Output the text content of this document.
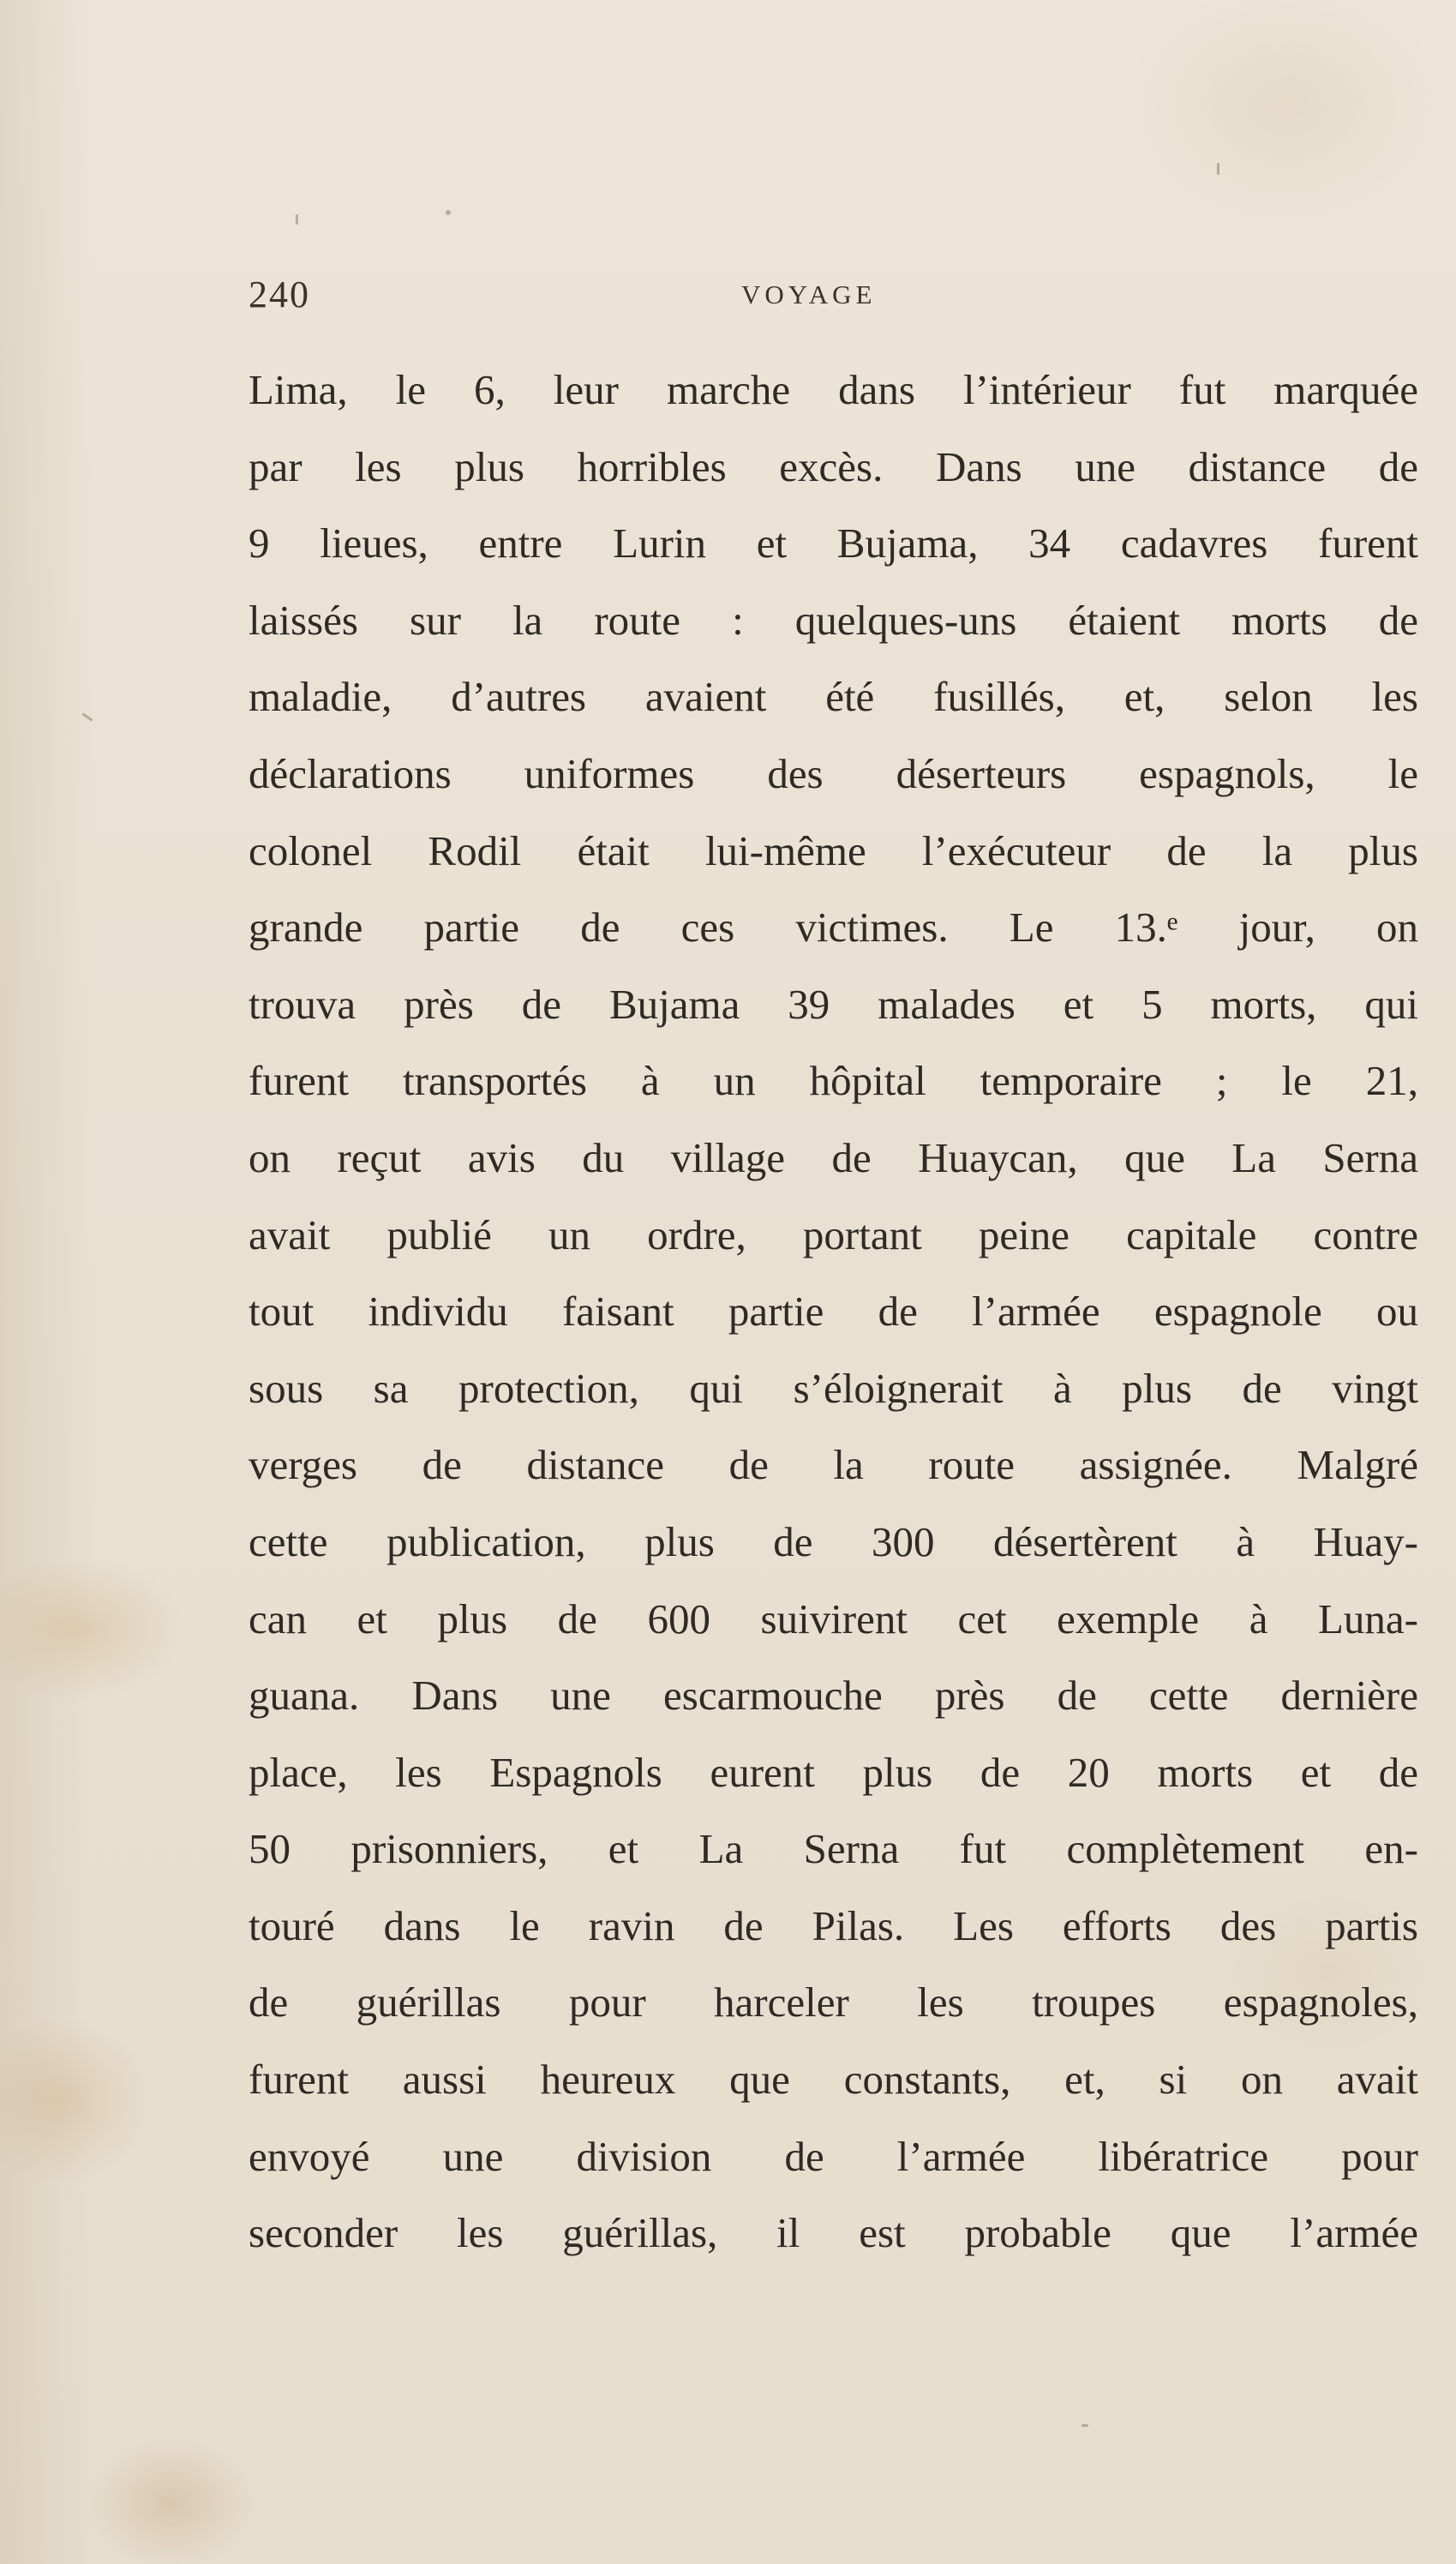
240	VOYAGE
Lima, le 6, leur marche dans l’intérieur fut marquée
par les plus horribles excès. Dans une distance de
9 lieues, entre Lurin et Bujama, 34 cadavres furent
laissés sur la route : quelques-uns étaient morts de
maladie, d’autres avaient été fusillés, et, selon les
déclarations uniformes des déserteurs espagnols, le
colonel Rodil était lui-même l’exécuteur de la plus
grande partie de ces victimes. Le 13.ᵉ jour, on
trouva près de Bujama 39 malades et 5 morts, qui
furent transportés à un hôpital temporaire ; le 21,
on reçut avis du village de Huaycan, que La Serna
avait publié un ordre, portant peine capitale contre
tout individu faisant partie de l’armée espagnole ou
sous sa protection, qui s’éloignerait à plus de vingt
verges de distance de la route assignée. Malgré
cette publication, plus de 300 désertèrent à Huay-
can et plus de 600 suivirent cet exemple à Luna-
guana. Dans une escarmouche près de cette dernière
place, les Espagnols eurent plus de 20 morts et de
50 prisonniers, et La Serna fut complètement en-
touré dans le ravin de Pilas. Les efforts des partis
de guérillas pour harceler les troupes espagnoles,
furent aussi heureux que constants, et, si on avait
envoyé une division de l’armée libératrice pour
seconder les guérillas, il est probable que l’armée
